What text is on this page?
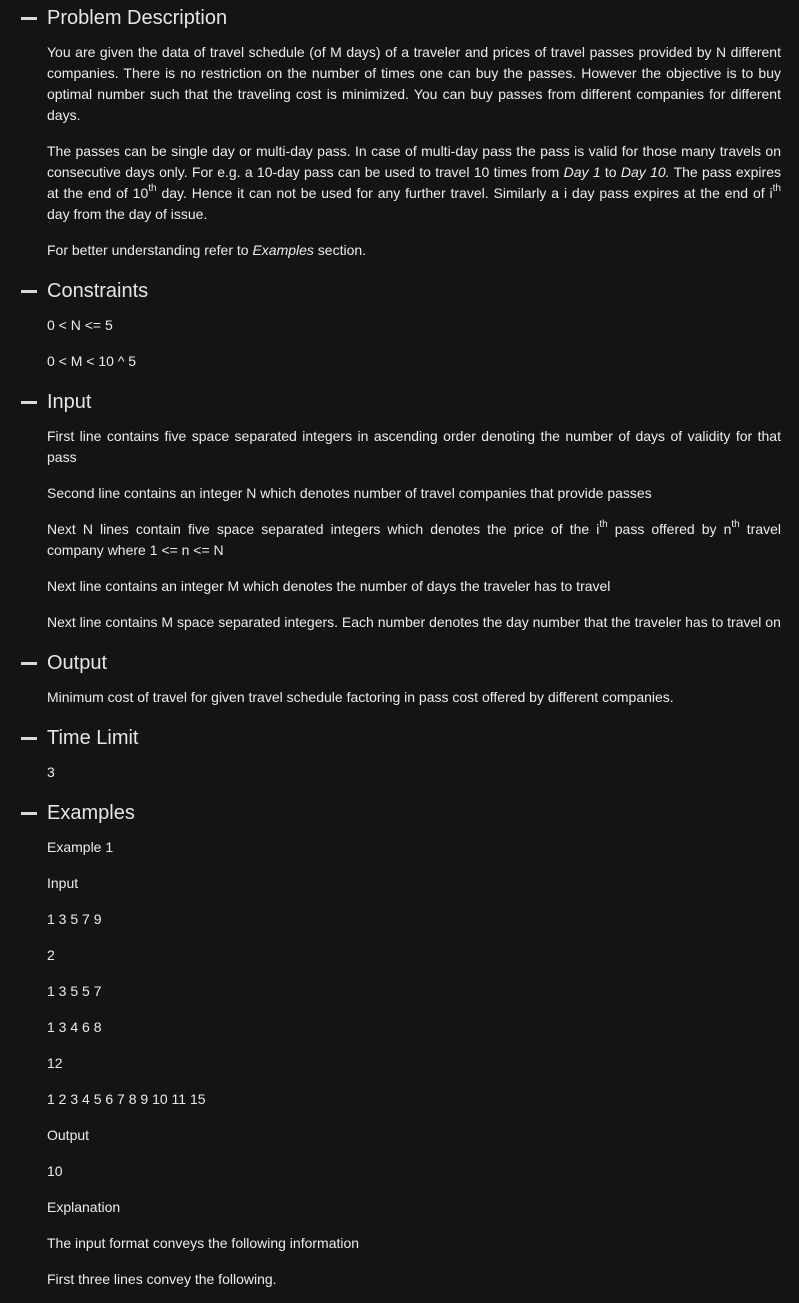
Problem Description

You are given the data of travel schedule (of M days) of a traveler and prices of travel passes provided by N different companies. There is no restriction on the number of times one can buy the passes. However the objective is to buy optimal number such that the traveling cost is minimized. You can buy passes from different companies for different days.

The passes can be single day or multi-day pass. In case of multi-day pass the pass is valid for those many travels on consecutive days only. For e.g. a 10-day pass can be used to travel 10 times from Day 1 to Day 10. The pass expires at the end of 10th day. Hence it can not be used for any further travel. Similarly a i day pass expires at the end of $i^{th}$ day from the day of issue.

For better understanding refer to Examples section.

Constraints

0 < N <= 5

0 < M < 10 ^ 5

Input

First line contains five space separated integers in ascending order denoting the number of days of validity for that pass

Second line contains an integer N which denotes number of travel companies that provide passes

Next N lines contain five space separated integers which denotes the price of the $i^{th}$ pass offered by $n^{th}$ travel company where 1 <= n <= N

Next line contains an integer M which denotes the number of days the traveler has to travel

Next line contains M space separated integers. Each number denotes the day number that the traveler has to travel on

Output

Minimum cost of travel for given travel schedule factoring in pass cost offered by different companies.

Time Limit

3

Examples

Example 1

Input

1 3 5 7 9

2

1 3 5 5 7

1 3 4 6 8

12

1 2 3 4 5 6 7 8 9 10 11 15

Output

10

Explanation

The input format conveys the following information

First three lines convey the following.
